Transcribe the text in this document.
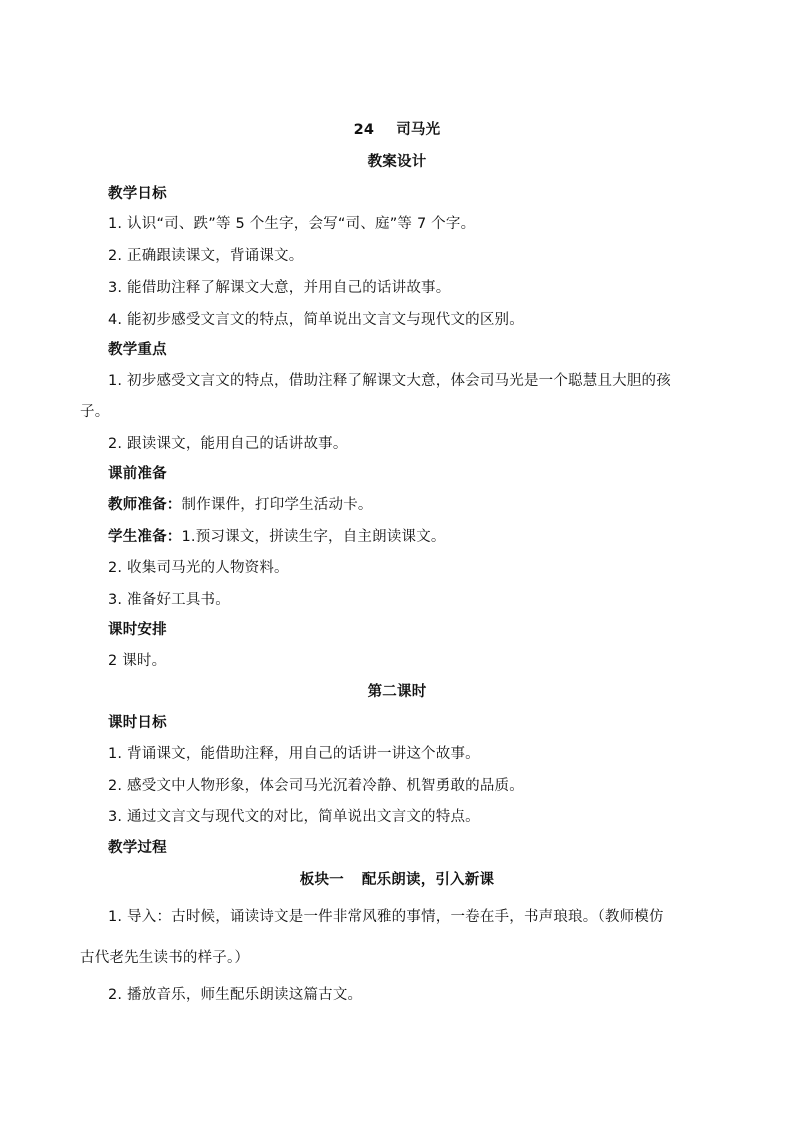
24 司马光
教案设计
教学日标
1. 认识“司、跌”等 5 个生字，会写“司、庭”等 7 个字。
2. 正确跟读课文，背诵课文。
3. 能借助注释了解课文大意，并用自己的话讲故事。
4. 能初步感受文言文的特点，简单说出文言文与现代文的区别。
教学重点
1. 初步感受文言文的特点，借助注释了解课文大意，体会司马光是一个聪慧且大胆的孩
子。
2. 跟读课文，能用自己的话讲故事。
课前准备
教师准备：制作课件，打印学生活动卡。
学生准备：1.预习课文，拼读生字，自主朗读课文。
2. 收集司马光的人物资料。
3. 准备好工具书。
课时安排
2 课时。
第二课时
课时日标
1. 背诵课文，能借助注释，用自己的话讲一讲这个故事。
2. 感受文中人物形象，体会司马光沉着冷静、机智勇敢的品质。
3. 通过文言文与现代文的对比，简单说出文言文的特点。
教学过程
板块一 配乐朗读，引入新课
1. 导入：古时候，诵读诗文是一件非常风雅的事情，一卷在手，书声琅琅。（教师模仿
古代老先生读书的样子。）
2. 播放音乐，师生配乐朗读这篇古文。
